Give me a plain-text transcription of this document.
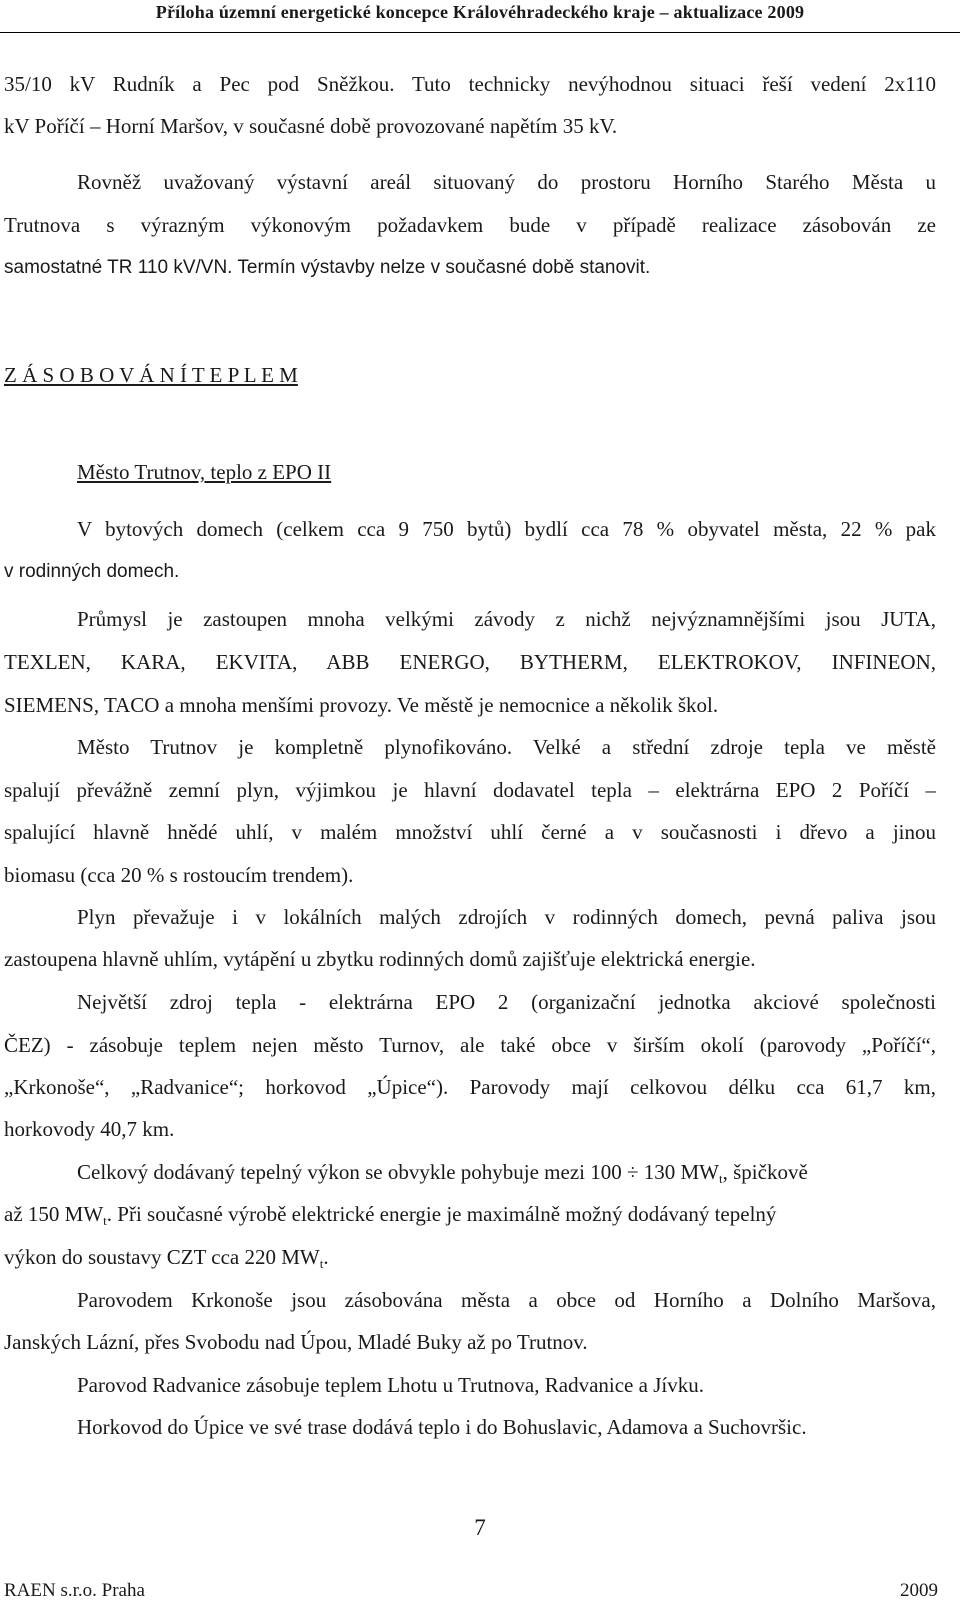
Příloha územní energetické koncepce Královéhradeckého kraje – aktualizace 2009
35/10 kV Rudník a Pec pod Sněžkou. Tuto technicky nevýhodnou situaci řeší vedení 2x110
kV Poříčí – Horní Maršov, v současné době provozované napětím 35 kV.
Rovněž uvažovaný výstavní areál situovaný do prostoru Horního Starého Města u
Trutnova s výrazným výkonovým požadavkem bude v případě realizace zásobován ze
samostatné TR 110 kV/VN. Termín výstavby nelze v současné době stanovit.
Z Á S O B O V Á N Í T E P L E M
Město Trutnov, teplo z EPO II
V bytových domech (celkem cca 9 750 bytů) bydlí cca 78 % obyvatel města, 22 % pak
v rodinných domech.
Průmysl je zastoupen mnoha velkými závody z nichž nejvýznamnějšími jsou JUTA,
TEXLEN, KARA, EKVITA, ABB ENERGO, BYTHERM, ELEKTROKOV, INFINEON,
SIEMENS, TACO a mnoha menšími provozy. Ve městě je nemocnice a několik škol.
Město Trutnov je kompletně plynofikováno. Velké a střední zdroje tepla ve městě
spalují převážně zemní plyn, výjimkou je hlavní dodavatel tepla – elektrárna EPO 2 Poříčí –
spalující hlavně hnědé uhlí, v malém množství uhlí černé a v současnosti i dřevo a jinou
biomasu (cca 20 % s rostoucím trendem).
Plyn převažuje i v lokálních malých zdrojích v rodinných domech, pevná paliva jsou
zastoupena hlavně uhlím, vytápění u zbytku rodinných domů zajišťuje elektrická energie.
Největší zdroj tepla - elektrárna EPO 2 (organizační jednotka akciové společnosti
ČEZ) - zásobuje teplem nejen město Turnov, ale také obce v širším okolí (parovody „Poříčí“,
„Krkonoše“, „Radvanice“; horkovod „Úpice“). Parovody mají celkovou délku cca 61,7 km,
horkovody 40,7 km.
Celkový dodávaný tepelný výkon se obvykle pohybuje mezi 100 ÷ 130 $MW_t$, špičkově
až 150 $MW_t$. Při současné výrobě elektrické energie je maximálně možný dodávaný tepelný
výkon do soustavy CZT cca 220 $MW_t$.
Parovodem Krkonoše jsou zásobována města a obce od Horního a Dolního Maršova,
Janských Lázní, přes Svobodu nad Úpou, Mladé Buky až po Trutnov.
Parovod Radvanice zásobuje teplem Lhotu u Trutnova, Radvanice a Jívku.
Horkovod do Úpice ve své trase dodává teplo i do Bohuslavic, Adamova a Suchovršic.
7
RAEN s.r.o. Praha	2009
